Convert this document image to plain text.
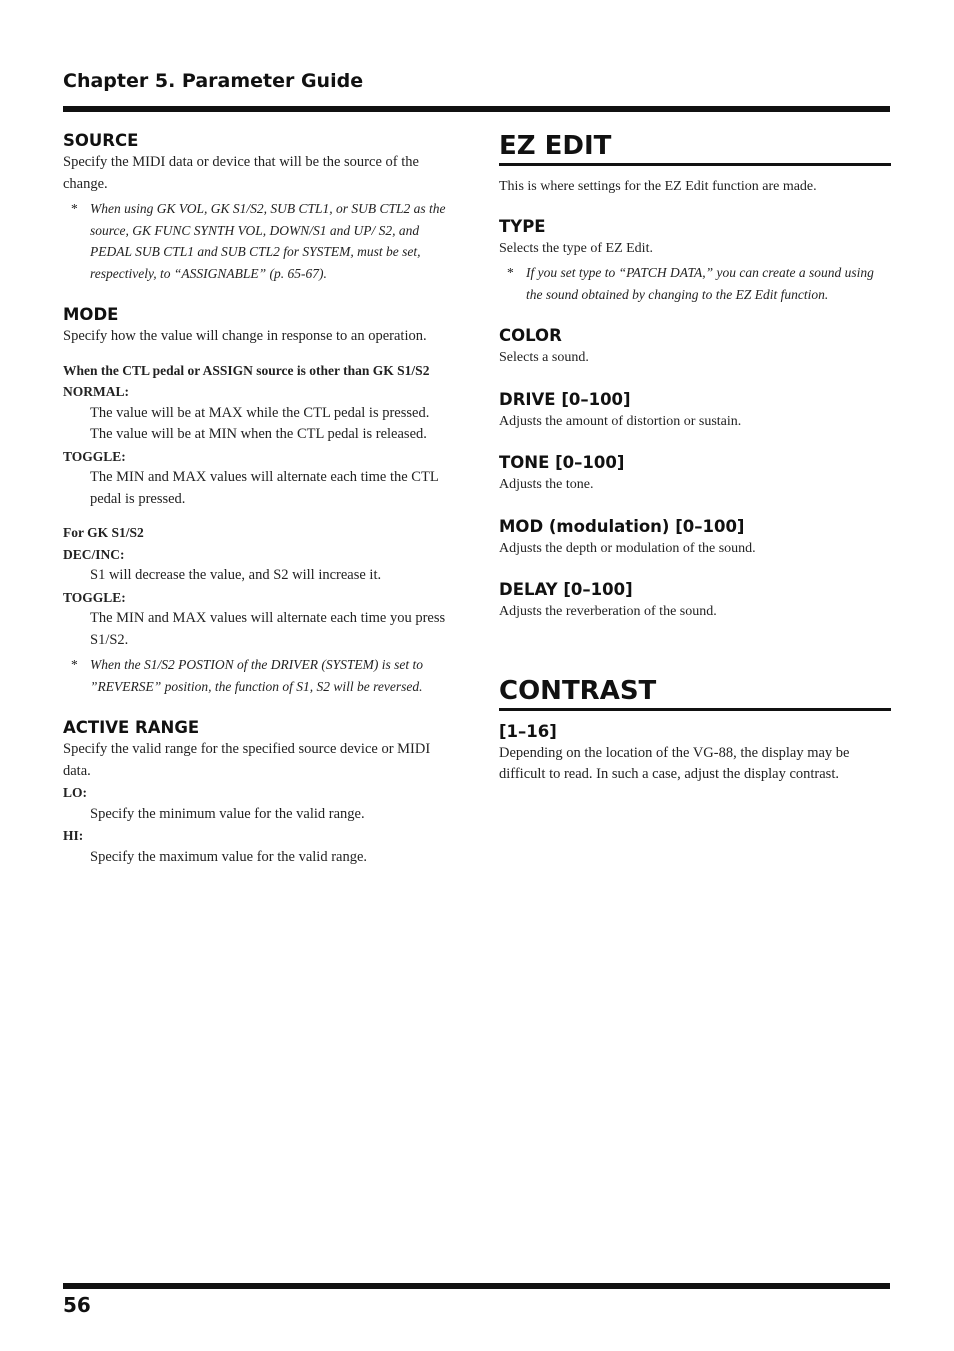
Chapter 5. Parameter Guide
SOURCE

Specify the MIDI data or device that will be the source of the change.

* When using GK VOL, GK S1/S2, SUB CTL1, or SUB CTL2 as the source, GK FUNC SYNTH VOL, DOWN/S1 and UP/ S2, and PEDAL SUB CTL1 and SUB CTL2 for SYSTEM, must be set, respectively, to “ASSIGNABLE” (p. 65-67).
MODE

Specify how the value will change in response to an operation.

When the CTL pedal or ASSIGN source is other than GK S1/S2

NORMAL:

The value will be at MAX while the CTL pedal is pressed.

The value will be at MIN when the CTL pedal is released.

TOGGLE:

The MIN and MAX values will alternate each time the CTL pedal is pressed.

For GK S1/S2

DEC/INC:

S1 will decrease the value, and S2 will increase it.

TOGGLE:

The MIN and MAX values will alternate each time you press S1/S2.

* When the S1/S2 POSTION of the DRIVER (SYSTEM) is set to ”REVERSE” position, the function of S1, S2 will be reversed.
ACTIVE RANGE

Specify the valid range for the specified source device or MIDI data.

LO:

Specify the minimum value for the valid range.

HI:

Specify the maximum value for the valid range.

EZ EDIT

This is where settings for the EZ Edit function are made.

TYPE

Selects the type of EZ Edit.

* If you set type to “PATCH DATA,” you can create a sound using the sound obtained by changing to the EZ Edit function.
COLOR

Selects a sound.

DRIVE [0–100]

Adjusts the amount of distortion or sustain.

TONE [0–100]

Adjusts the tone.

MOD (modulation) [0–100]

Adjusts the depth or modulation of the sound.

DELAY [0–100]

Adjusts the reverberation of the sound.

CONTRAST
[1–16]

Depending on the location of the VG-88, the display may be difficult to read. In such a case, adjust the display contrast.

56
